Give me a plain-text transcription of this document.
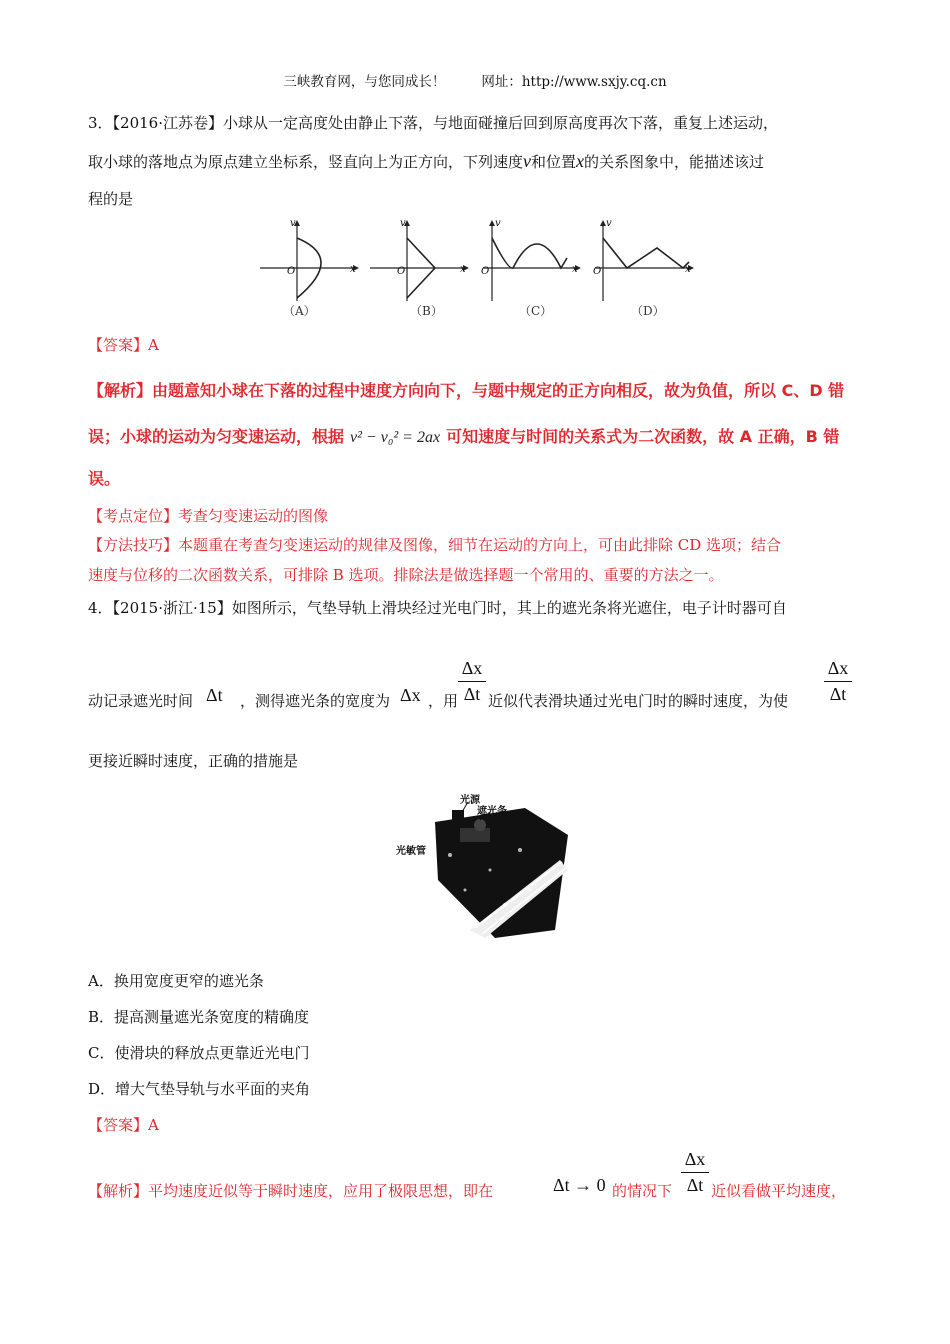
三峡教育网，与您同成长！	网址：http://www.sxjy.cq.cn
3．【2016·江苏卷】小球从一定高度处由静止下落，与地面碰撞后回到原高度再次下落，重复上述运动，
取小球的落地点为原点建立坐标系，竖直向上为正方向，下列速度v和位置x的关系图象中，能描述该过
程的是
v
x
O
v
x
O
v
x
O
v
x
O
（A）	（B）	（C）	（D）
【答案】A
【解析】由题意知小球在下落的过程中速度方向向下，与题中规定的正方向相反，故为负值，所以 C、D 错
误；小球的运动为匀变速运动，根据 v² − v₀² = 2ax 可知速度与时间的关系式为二次函数，故 A 正确，B 错
误。
【考点定位】考查匀变速运动的图像
【方法技巧】本题重在考查匀变速运动的规律及图像，细节在运动的方向上，可由此排除 CD 选项；结合
速度与位移的二次函数关系，可排除 B 选项。排除法是做选择题一个常用的、重要的方法之一。
4．【2015·浙江·15】如图所示，气垫导轨上滑块经过光电门时，其上的遮光条将光遮住，电子计时器可自
动记录遮光时间 Δt ，测得遮光条的宽度为 Δx ，用 $\frac{\Delta x}{\Delta t}$ 近似代表滑块通过光电门时的瞬时速度，为使 $\frac{\Delta x}{\Delta t}$
更接近瞬时速度，正确的措施是
光源
遮光条
光敏管
A．换用宽度更窄的遮光条
B．提高测量遮光条宽度的精确度
C．使滑块的释放点更靠近光电门
D．增大气垫导轨与水平面的夹角
【答案】A
【解析】平均速度近似等于瞬时速度，应用了极限思想，即在	Δt → 0 的情况下 $\frac{\Delta x}{\Delta t}$ 近似看做平均速度，
